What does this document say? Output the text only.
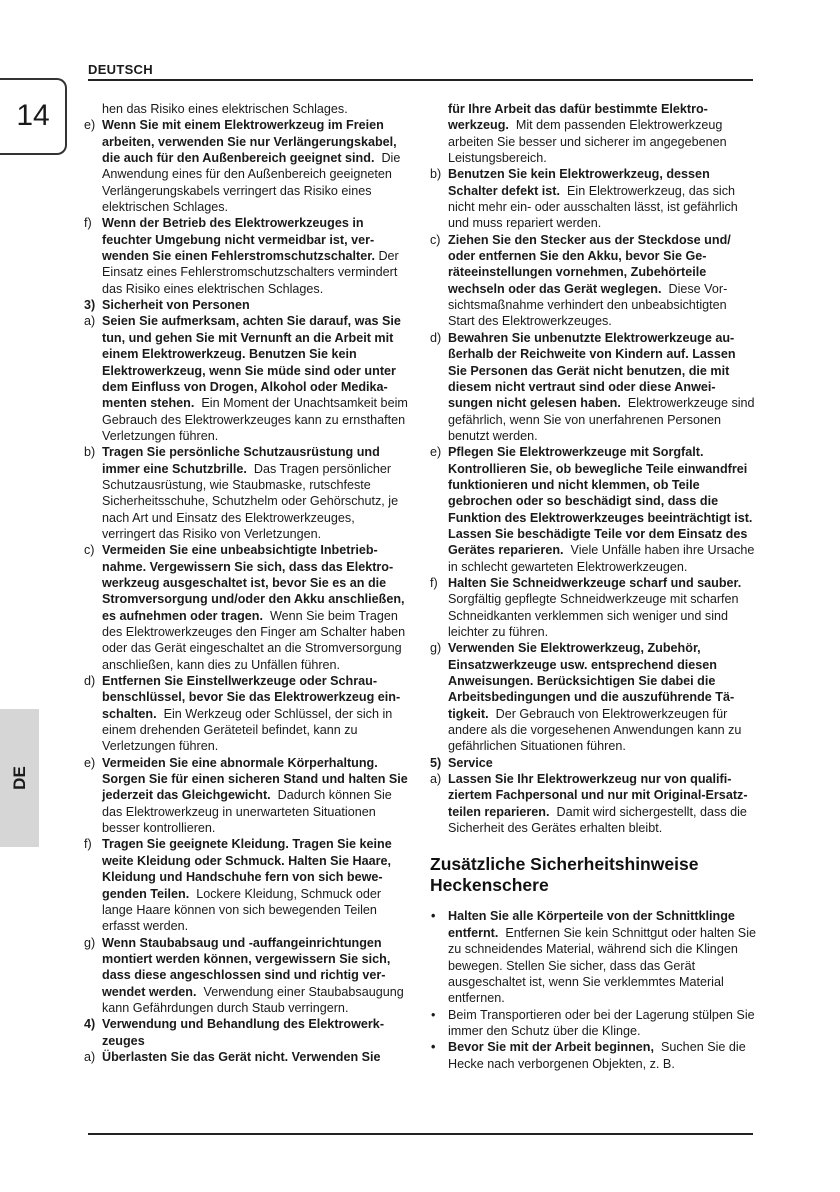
DEUTSCH
14
DE

hen das Risiko eines elektrischen Schlages.

e) Wenn Sie mit einem Elektrowerkzeug im Freien arbeiten, verwenden Sie nur Verlängerungskabel, die auch für den Außenbereich geeignet sind. Die Anwendung eines für den Außenbereich geeigneten Verlängerungskabels verringert das Risiko eines elektrischen Schlages.
f) Wenn der Betrieb des Elektrowerkzeuges in feuchter Umgebung nicht vermeidbar ist, verwenden Sie einen Fehlerstromschutzschalter. Der Einsatz eines Fehlerstromschutzschalters vermindert das Risiko eines elektrischen Schlages.
3) Sicherheit von Personen
a) Seien Sie aufmerksam, achten Sie darauf, was Sie tun, und gehen Sie mit Vernunft an die Arbeit mit einem Elektrowerkzeug. Benutzen Sie kein Elektrowerkzeug, wenn Sie müde sind oder unter dem Einfluss von Drogen, Alkohol oder Medikamenten stehen. Ein Moment der Unachtsamkeit beim Gebrauch des Elektrowerkzeuges kann zu ernsthaften Verletzungen führen.
b) Tragen Sie persönliche Schutzausrüstung und immer eine Schutzbrille. Das Tragen persönlicher Schutzausrüstung, wie Staubmaske, rutschfeste Sicherheitsschuhe, Schutzhelm oder Gehörschutz, je nach Art und Einsatz des Elektrowerkzeuges, verringert das Risiko von Verletzungen.
c) Vermeiden Sie eine unbeabsichtigte Inbetriebnahme. Vergewissern Sie sich, dass das Elektrowerkzeug ausgeschaltet ist, bevor Sie es an die Stromversorgung und/oder den Akku anschließen, es aufnehmen oder tragen. Wenn Sie beim Tragen des Elektrowerkzeuges den Finger am Schalter haben oder das Gerät eingeschaltet an die Stromversorgung anschließen, kann dies zu Unfällen führen.
d) Entfernen Sie Einstellwerkzeuge oder Schraubenschlüssel, bevor Sie das Elektrowerkzeug einschalten. Ein Werkzeug oder Schlüssel, der sich in einem drehenden Geräteteil befindet, kann zu Verletzungen führen.
e) Vermeiden Sie eine abnormale Körperhaltung. Sorgen Sie für einen sicheren Stand und halten Sie jederzeit das Gleichgewicht. Dadurch können Sie das Elektrowerkzeug in unerwarteten Situationen besser kontrollieren.
f) Tragen Sie geeignete Kleidung. Tragen Sie keine weite Kleidung oder Schmuck. Halten Sie Haare, Kleidung und Handschuhe fern von sich bewegenden Teilen. Lockere Kleidung, Schmuck oder lange Haare können von sich bewegenden Teilen erfasst werden.
g) Wenn Staubabsaug und -auffangeinrichtungen montiert werden können, vergewissern Sie sich, dass diese angeschlossen sind und richtig verwendet werden. Verwendung einer Staubabsaugung kann Gefährdungen durch Staub verringern.
4) Verwendung und Behandlung des Elektrowerkzeuges
a) Überlasten Sie das Gerät nicht. Verwenden Sie

für Ihre Arbeit das dafür bestimmte Elektrowerkzeug. Mit dem passenden Elektrowerkzeug arbeiten Sie besser und sicherer im angegebenen Leistungsbereich.

b) Benutzen Sie kein Elektrowerkzeug, dessen Schalter defekt ist. Ein Elektrowerkzeug, das sich nicht mehr ein- oder ausschalten lässt, ist gefährlich und muss repariert werden.
c) Ziehen Sie den Stecker aus der Steckdose und/ oder entfernen Sie den Akku, bevor Sie Geräteeinstellungen vornehmen, Zubehörteile wechseln oder das Gerät weglegen. Diese Vorsichtsmaßnahme verhindert den unbeabsichtigten Start des Elektrowerkzeuges.
d) Bewahren Sie unbenutzte Elektrowerkzeuge außerhalb der Reichweite von Kindern auf. Lassen Sie Personen das Gerät nicht benutzen, die mit diesem nicht vertraut sind oder diese Anweisungen nicht gelesen haben. Elektrowerkzeuge sind gefährlich, wenn Sie von unerfahrenen Personen benutzt werden.
e) Pflegen Sie Elektrowerkzeuge mit Sorgfalt. Kontrollieren Sie, ob bewegliche Teile einwandfrei funktionieren und nicht klemmen, ob Teile gebrochen oder so beschädigt sind, dass die Funktion des Elektrowerkzeuges beeinträchtigt ist. Lassen Sie beschädigte Teile vor dem Einsatz des Gerätes reparieren. Viele Unfälle haben ihre Ursache in schlecht gewarteten Elektrowerkzeugen.
f) Halten Sie Schneidwerkzeuge scharf und sauber. Sorgfältig gepflegte Schneidwerkzeuge mit scharfen Schneidkanten verklemmen sich weniger und sind leichter zu führen.
g) Verwenden Sie Elektrowerkzeug, Zubehör, Einsatzwerkzeuge usw. entsprechend diesen Anweisungen. Berücksichtigen Sie dabei die Arbeitsbedingungen und die auszuführende Tätigkeit. Der Gebrauch von Elektrowerkzeugen für andere als die vorgesehenen Anwendungen kann zu gefährlichen Situationen führen.
5) Service
a) Lassen Sie Ihr Elektrowerkzeug nur von qualifiziertem Fachpersonal und nur mit Original-Ersatzteilen reparieren. Damit wird sichergestellt, dass die Sicherheit des Gerätes erhalten bleibt.
Zusätzliche Sicherheitshinweise Heckenschere
• Halten Sie alle Körperteile von der Schnittklinge entfernt. Entfernen Sie kein Schnittgut oder halten Sie zu schneidendes Material, während sich die Klingen bewegen. Stellen Sie sicher, dass das Gerät ausgeschaltet ist, wenn Sie verklemmtes Material entfernen.
• Beim Transportieren oder bei der Lagerung stülpen Sie immer den Schutz über die Klinge.
• Bevor Sie mit der Arbeit beginnen, Suchen Sie die Hecke nach verborgenen Objekten, z. B.
